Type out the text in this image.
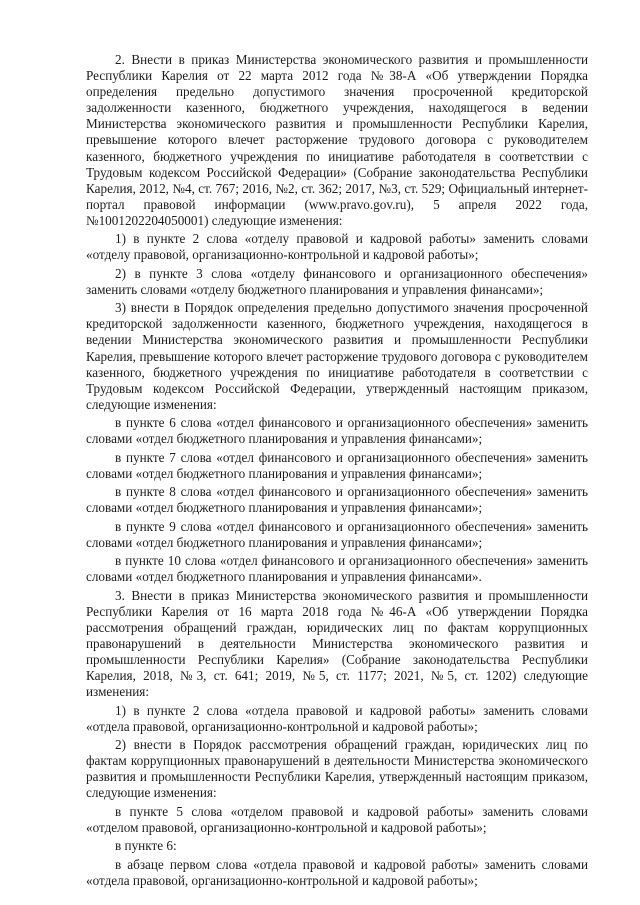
2. Внести в приказ Министерства экономического развития и промышленности Республики Карелия от 22 марта 2012 года №38-А «Об утверждении Порядка определения предельно допустимого значения просроченной кредиторской задолженности казенного, бюджетного учреждения, находящегося в ведении Министерства экономического развития и промышленности Республики Карелия, превышение которого влечет расторжение трудового договора с руководителем казенного, бюджетного учреждения по инициативе работодателя в соответствии с Трудовым кодексом Российской Федерации» (Собрание законодательства Республики Карелия, 2012, №4, ст. 767; 2016, №2, ст. 362; 2017, №3, ст. 529; Официальный интернет-портал правовой информации (www.pravo.gov.ru), 5 апреля 2022 года, №1001202204050001) следующие изменения:

1) в пункте 2 слова «отделу правовой и кадровой работы» заменить словами «отделу правовой, организационно-контрольной и кадровой работы»;

2) в пункте 3 слова «отделу финансового и организационного обеспечения» заменить словами «отделу бюджетного планирования и управления финансами»;

3) внести в Порядок определения предельно допустимого значения просроченной кредиторской задолженности казенного, бюджетного учреждения, находящегося в ведении Министерства экономического развития и промышленности Республики Карелия, превышение которого влечет расторжение трудового договора с руководителем казенного, бюджетного учреждения по инициативе работодателя в соответствии с Трудовым кодексом Российской Федерации, утвержденный настоящим приказом, следующие изменения:

в пункте 6 слова «отдел финансового и организационного обеспечения» заменить словами «отдел бюджетного планирования и управления финансами»;

в пункте 7 слова «отдел финансового и организационного обеспечения» заменить словами «отдел бюджетного планирования и управления финансами»;

в пункте 8 слова «отдел финансового и организационного обеспечения» заменить словами «отдел бюджетного планирования и управления финансами»;

в пункте 9 слова «отдел финансового и организационного обеспечения» заменить словами «отдел бюджетного планирования и управления финансами»;

в пункте 10 слова «отдел финансового и организационного обеспечения» заменить словами «отдел бюджетного планирования и управления финансами».

3. Внести в приказ Министерства экономического развития и промышленности Республики Карелия от 16 марта 2018 года №46-А «Об утверждении Порядка рассмотрения обращений граждан, юридических лиц по фактам коррупционных правонарушений в деятельности Министерства экономического развития и промышленности Республики Карелия» (Собрание законодательства Республики Карелия, 2018, №3, ст. 641; 2019, №5, ст. 1177; 2021, №5, ст. 1202) следующие изменения:

1) в пункте 2 слова «отдела правовой и кадровой работы» заменить словами «отдела правовой, организационно-контрольной и кадровой работы»;

2) внести в Порядок рассмотрения обращений граждан, юридических лиц по фактам коррупционных правонарушений в деятельности Министерства экономического развития и промышленности Республики Карелия, утвержденный настоящим приказом, следующие изменения:

в пункте 5 слова «отделом правовой и кадровой работы» заменить словами «отделом правовой, организационно-контрольной и кадровой работы»;

в пункте 6:

в абзаце первом слова «отдела правовой и кадровой работы» заменить словами «отдела правовой, организационно-контрольной и кадровой работы»;
